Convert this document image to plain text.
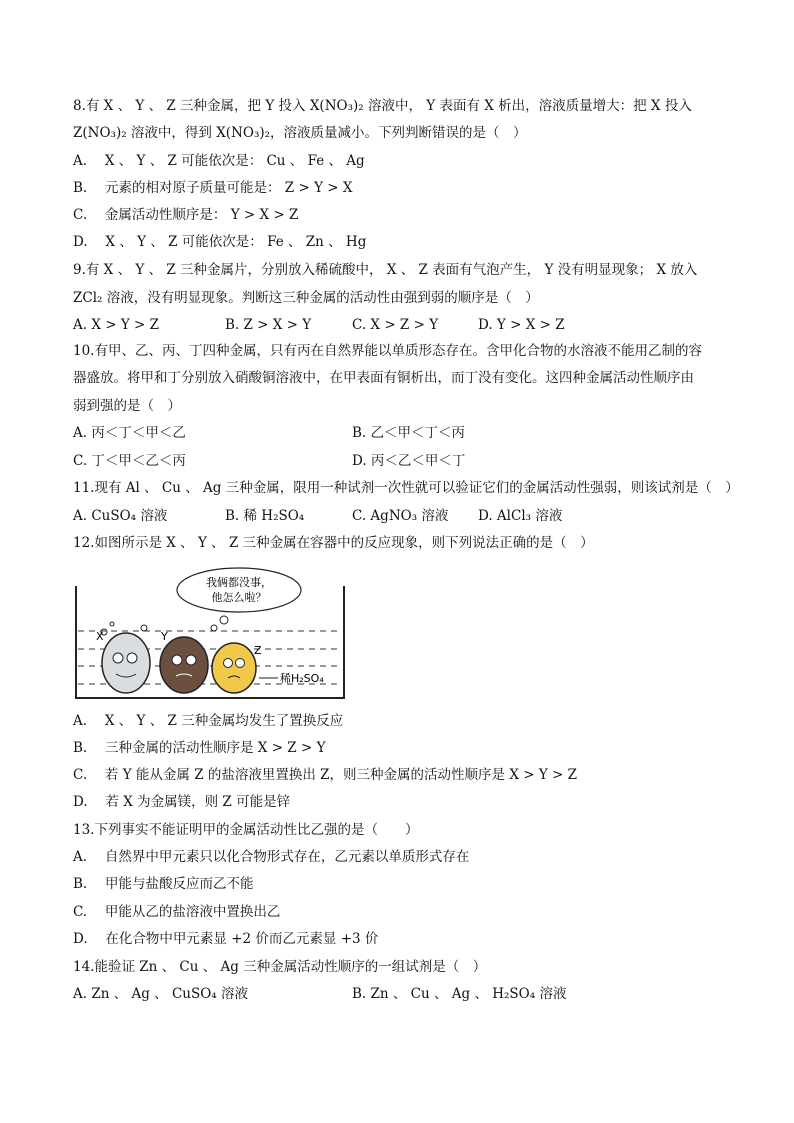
8.有 X 、 Y 、 Z 三种金属，把 Y 投入 X(NO₃)₂ 溶液中， Y 表面有 X 析出，溶液质量增大：把 X 投入
Z(NO₃)₂ 溶液中，得到 X(NO₃)₂，溶液质量减小。下列判断错误的是（　）
A.　 X 、 Y 、 Z 可能依次是： Cu 、 Fe 、 Ag
B.　 元素的相对原子质量可能是： Z > Y > X
C.　 金属活动性顺序是： Y > X > Z
D.　 X 、 Y 、 Z 可能依次是： Fe 、 Zn 、 Hg
9.有 X 、 Y 、 Z 三种金属片，分别放入稀硫酸中， X 、 Z 表面有气泡产生， Y 没有明显现象； X 放入
ZCl₂ 溶液，没有明显现象。判断这三种金属的活动性由强到弱的顺序是（　）
A. X > Y > Z	B. Z > X > Y	C. X > Z > Y	D. Y > X > Z
10.有甲、乙、丙、丁四种金属，只有丙在自然界能以单质形态存在。含甲化合物的水溶液不能用乙制的容
器盛放。将甲和丁分别放入硝酸铜溶液中，在甲表面有铜析出，而丁没有变化。这四种金属活动性顺序由
弱到强的是（　）
A. 丙＜丁＜甲＜乙	B. 乙＜甲＜丁＜丙
C. 丁＜甲＜乙＜丙	D. 丙＜乙＜甲＜丁
11.现有 Al 、 Cu 、 Ag 三种金属，限用一种试剂一次性就可以验证它们的金属活动性强弱，则该试剂是（　）
A. CuSO₄ 溶液	B. 稀 H₂SO₄	C. AgNO₃ 溶液 D. AlCl₃ 溶液
12.如图所示是 X 、 Y 、 Z 三种金属在容器中的反应现象，则下列说法正确的是（　）
我俩都没事，
他怎么啦？
X	Y
Z
稀H₂SO₄
A.　 X 、 Y 、 Z 三种金属均发生了置换反应
B.　 三种金属的活动性顺序是 X > Z > Y
C.　 若 Y 能从金属 Z 的盐溶液里置换出 Z，则三种金属的活动性顺序是 X > Y > Z
D.　 若 X 为金属镁，则 Z 可能是锌
13.下列事实不能证明甲的金属活动性比乙强的是（　　）
A.　 自然界中甲元素只以化合物形式存在，乙元素以单质形式存在
B.　 甲能与盐酸反应而乙不能
C.　 甲能从乙的盐溶液中置换出乙
D.　 在化合物中甲元素显 +2 价而乙元素显 +3 价
14.能验证 Zn 、 Cu 、 Ag 三种金属活动性顺序的一组试剂是（　）
A. Zn 、 Ag 、 CuSO₄ 溶液	B. Zn 、 Cu 、 Ag 、 H₂SO₄ 溶液
